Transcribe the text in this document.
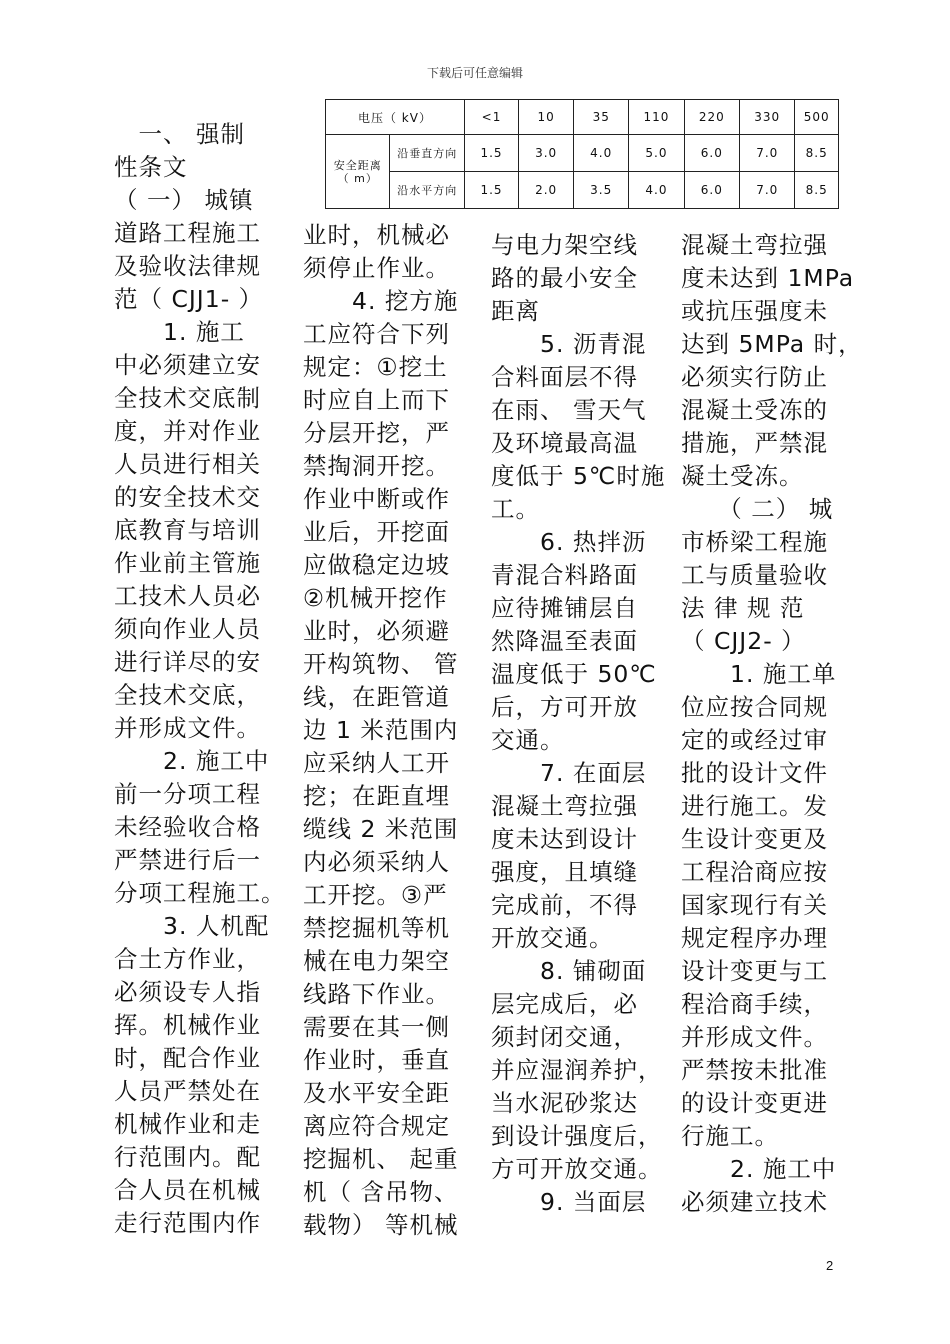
下载后可任意编辑
电压（ kV）		<1	10	35	110	220	330	500
安全距离（ m）	沿垂直方向	1.5	3.0	4.0	5.0	6.0	7.0	8.5
	沿水平方向	1.5	2.0	3.5	4.0	6.0	7.0	8.5
　一、 强制
性条文
（ 一） 城镇
道路工程施工
及验收法律规
范（ CJJ1- ）
　　1. 施工
中必须建立安
全技术交底制
度，并对作业
人员进行相关
的安全技术交
底教育与培训
作业前主管施
工技术人员必
须向作业人员
进行详尽的安
全技术交底，
并形成文件。
　　2. 施工中
前一分项工程
未经验收合格
严禁进行后一
分项工程施工。
　　3. 人机配
合土方作业，
必须设专人指
挥。机械作业
时，配合作业
人员严禁处在
机械作业和走
行范围内。配
合人员在机械
走行范围内作
业时，机械必
须停止作业。
　　4. 挖方施
工应符合下列
规定：①挖土
时应自上而下
分层开挖，严
禁掏洞开挖。
作业中断或作
业后，开挖面
应做稳定边坡
②机械开挖作
业时，必须避
开构筑物、 管
线，在距管道
边 1 米范围内
应采纳人工开
挖；在距直埋
缆线 2 米范围
内必须采纳人
工开挖。③严
禁挖掘机等机
械在电力架空
线路下作业。
需要在其一侧
作业时，垂直
及水平安全距
离应符合规定
挖掘机、 起重
机（ 含吊物、
载物） 等机械
与电力架空线
路的最小安全
距离
　　5. 沥青混
合料面层不得
在雨、 雪天气
及环境最高温
度低于 5℃时施
工。
　　6. 热拌沥
青混合料路面
应待摊铺层自
然降温至表面
温度低于 50℃
后，方可开放
交通。
　　7. 在面层
混凝土弯拉强
度未达到设计
强度，且填缝
完成前，不得
开放交通。
　　8. 铺砌面
层完成后，必
须封闭交通，
并应湿润养护，
当水泥砂浆达
到设计强度后，
方可开放交通。
　　9. 当面层
混凝土弯拉强
度未达到 1MPa
或抗压强度未
达到 5MPa 时，
必须实行防止
混凝土受冻的
措施，严禁混
凝土受冻。
　　（ 二） 城
市桥梁工程施
工与质量验收
法 律 规 范
（ CJJ2- ）
　　1. 施工单
位应按合同规
定的或经过审
批的设计文件
进行施工。发
生设计变更及
工程洽商应按
国家现行有关
规定程序办理
设计变更与工
程洽商手续，
并形成文件。
严禁按未批准
的设计变更进
行施工。
　　2. 施工中
必须建立技术
2
